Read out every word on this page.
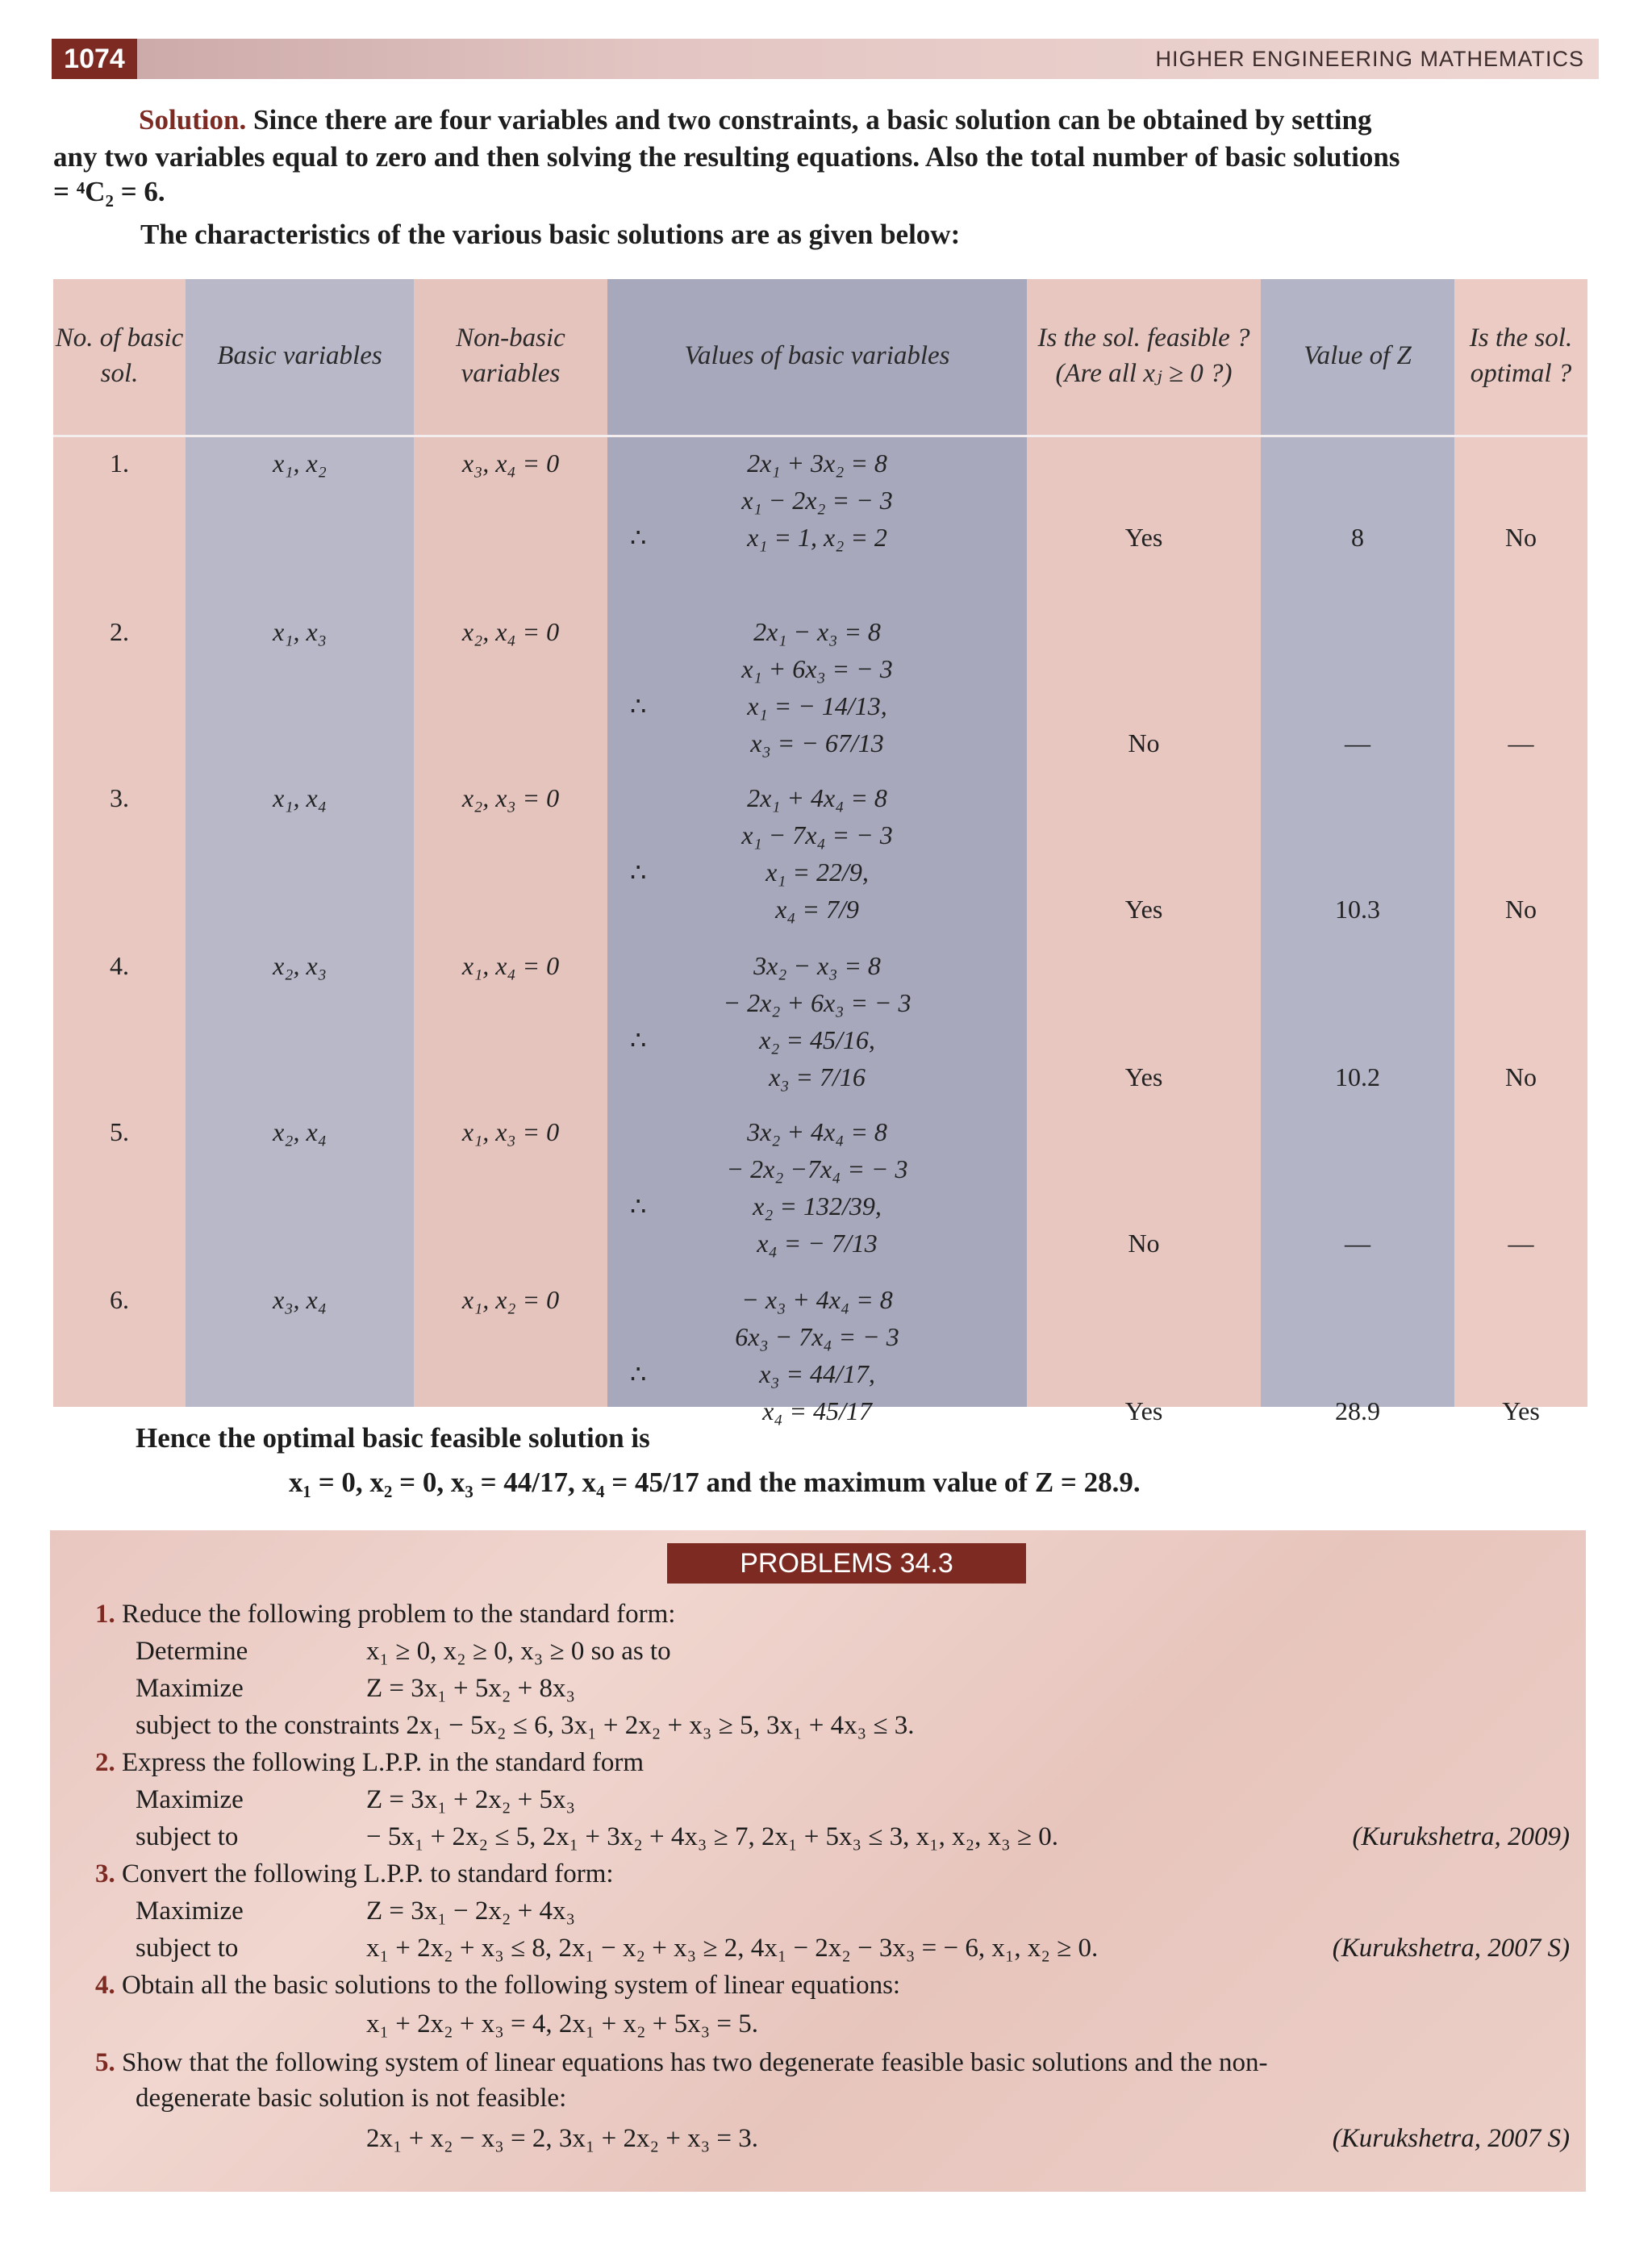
1074	HIGHER ENGINEERING MATHEMATICS
Solution. Since there are four variables and two constraints, a basic solution can be obtained by setting
any two variables equal to zero and then solving the resulting equations. Also the total number of basic solutions
= ⁴C₂ = 6.
The characteristics of the various basic solutions are as given below:
No. of basic sol.
Basic variables
Non-basic variables
Values of basic variables
Is the sol. feasible ? (Are all xⱼ ≥ 0 ?)
Value of Z
Is the sol. optimal ?
1.	x₁, x₂	x₃, x₄ = 0	2x₁ + 3x₂ = 8
x₁ − 2x₂ = − 3
∴	x₁ = 1, x₂ = 2	Yes	8	No
2.	x₁, x₃	x₂, x₄ = 0	2x₁ − x₃ = 8
x₁ + 6x₃ = − 3
∴	x₁ = − 14/13,
x₃ = − 67/13	No	—	—
3.	x₁, x₄	x₂, x₃ = 0	2x₁ + 4x₄ = 8
x₁ − 7x₄ = − 3
∴	x₁ = 22/9,
x₄ = 7/9	Yes	10.3	No
4.	x₂, x₃	x₁, x₄ = 0	3x₂ − x₃ = 8
− 2x₂ + 6x₃ = − 3
∴	x₂ = 45/16,
x₃ = 7/16	Yes	10.2	No
5.	x₂, x₄	x₁, x₃ = 0	3x₂ + 4x₄ = 8
− 2x₂ −7x₄ = − 3
∴	x₂ = 132/39,
x₄ = − 7/13	No	—	—
6.	x₃, x₄	x₁, x₂ = 0	− x₃ + 4x₄ = 8
6x₃ − 7x₄ = − 3
∴	x₃ = 44/17,
x₄ = 45/17	Yes	28.9	Yes
Hence the optimal basic feasible solution is
x₁ = 0, x₂ = 0, x₃ = 44/17, x₄ = 45/17 and the maximum value of Z = 28.9.
PROBLEMS 34.3
1. Reduce the following problem to the standard form:
Determine	x₁ ≥ 0, x₂ ≥ 0, x₃ ≥ 0 so as to
Maximize	Z = 3x₁ + 5x₂ + 8x₃
subject to the constraints 2x₁ − 5x₂ ≤ 6, 3x₁ + 2x₂ + x₃ ≥ 5, 3x₁ + 4x₃ ≤ 3.
2. Express the following L.P.P. in the standard form
Maximize	Z = 3x₁ + 2x₂ + 5x₃
subject to	− 5x₁ + 2x₂ ≤ 5, 2x₁ + 3x₂ + 4x₃ ≥ 7, 2x₁ + 5x₃ ≤ 3, x₁, x₂, x₃ ≥ 0.	(Kurukshetra, 2009)
3. Convert the following L.P.P. to standard form:
Maximize	Z = 3x₁ − 2x₂ + 4x₃
subject to	x₁ + 2x₂ + x₃ ≤ 8, 2x₁ − x₂ + x₃ ≥ 2, 4x₁ − 2x₂ − 3x₃ = − 6, x₁, x₂ ≥ 0.	(Kurukshetra, 2007 S)
4. Obtain all the basic solutions to the following system of linear equations:
x₁ + 2x₂ + x₃ = 4, 2x₁ + x₂ + 5x₃ = 5.
5. Show that the following system of linear equations has two degenerate feasible basic solutions and the non-
degenerate basic solution is not feasible:
2x₁ + x₂ − x₃ = 2, 3x₁ + 2x₂ + x₃ = 3.	(Kurukshetra, 2007 S)
